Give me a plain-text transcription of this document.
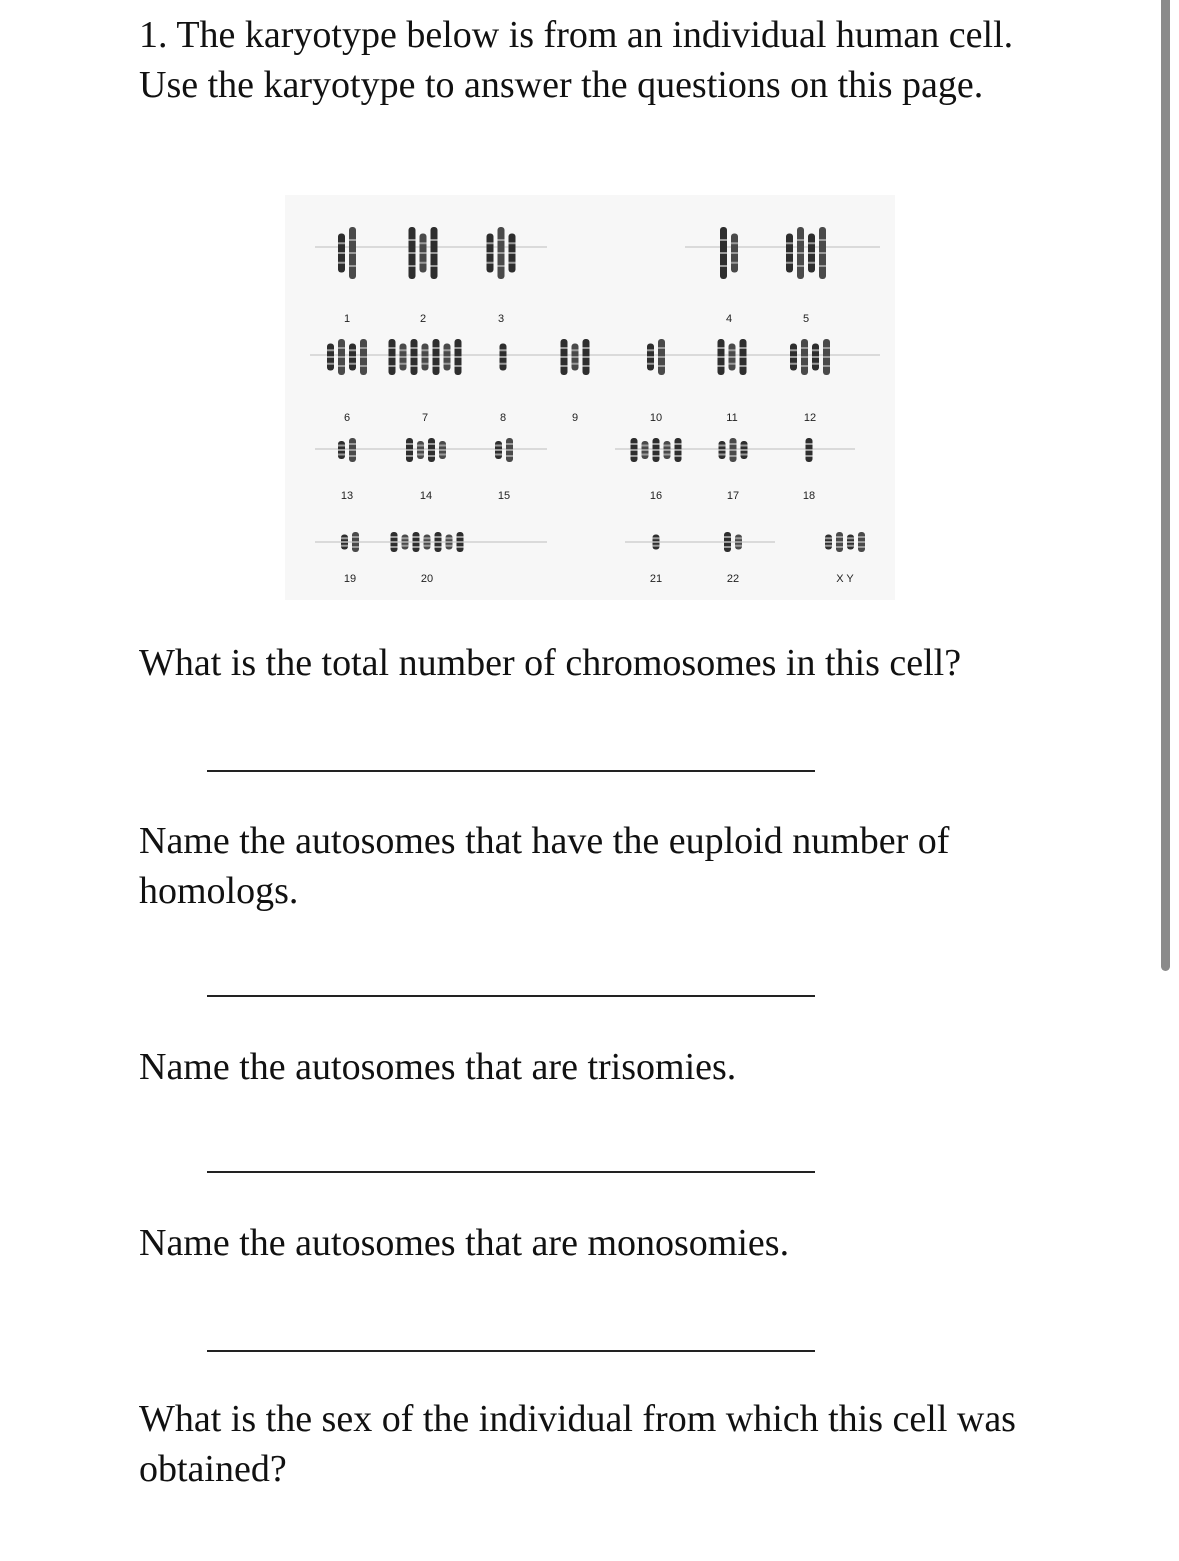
1. The karyotype below is from an individual human cell. Use the karyotype to answer the questions on this page.

1	2	3	4	5
6	7	8	9	10	11	12
13	14	15	16	17	18
19	20	21	22	X Y

What is the total number of chromosomes in this cell?

Name the autosomes that have the euploid number of homologs.

Name the autosomes that are trisomies.

Name the autosomes that are monosomies.

What is the sex of the individual from which this cell was obtained?
